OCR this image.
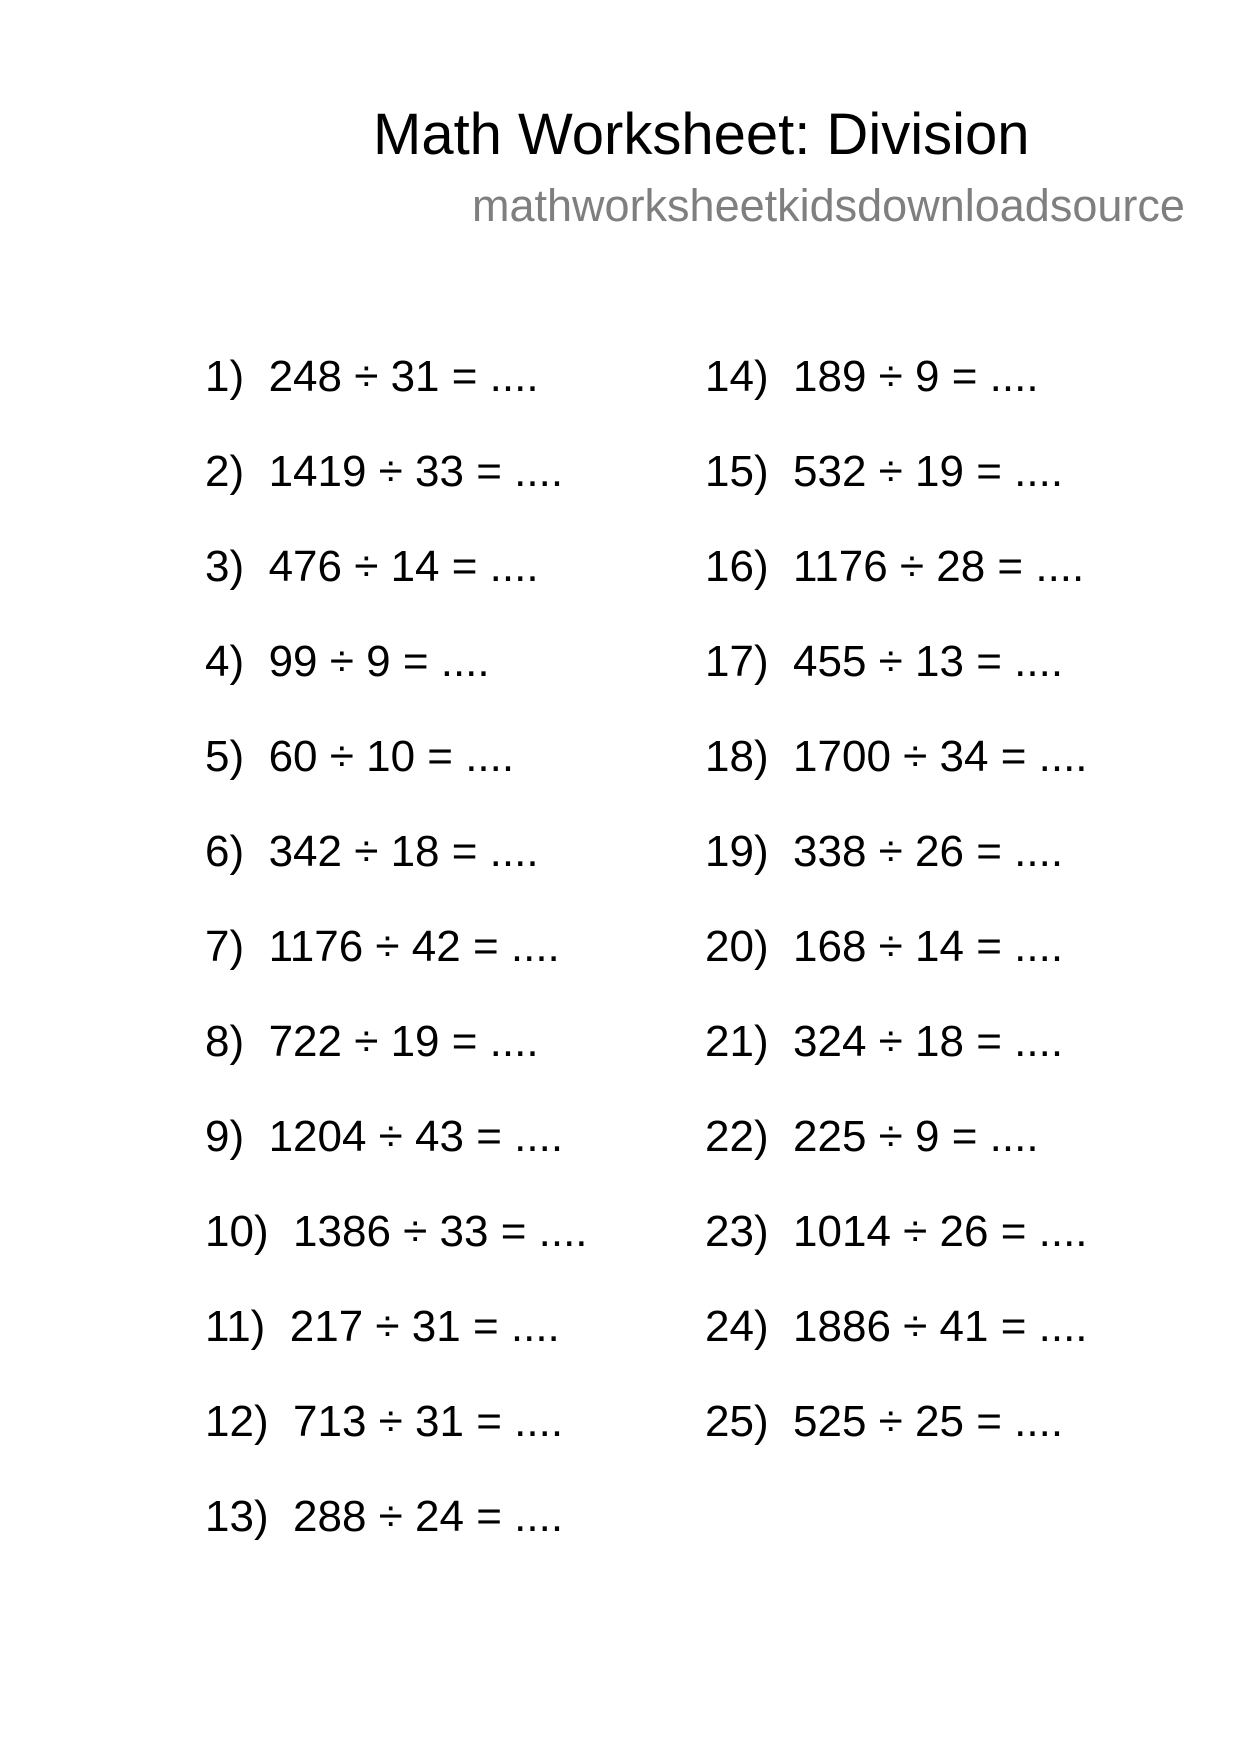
Math Worksheet: Division
mathworksheetkidsdownloadsource
1) 248 ÷ 31 = ....
2) 1419 ÷ 33 = ....
3) 476 ÷ 14 = ....
4) 99 ÷ 9 = ....
5) 60 ÷ 10 = ....
6) 342 ÷ 18 = ....
7) 1176 ÷ 42 = ....
8) 722 ÷ 19 = ....
9) 1204 ÷ 43 = ....
10) 1386 ÷ 33 = ....
11) 217 ÷ 31 = ....
12) 713 ÷ 31 = ....
13) 288 ÷ 24 = ....
14) 189 ÷ 9 = ....
15) 532 ÷ 19 = ....
16) 1176 ÷ 28 = ....
17) 455 ÷ 13 = ....
18) 1700 ÷ 34 = ....
19) 338 ÷ 26 = ....
20) 168 ÷ 14 = ....
21) 324 ÷ 18 = ....
22) 225 ÷ 9 = ....
23) 1014 ÷ 26 = ....
24) 1886 ÷ 41 = ....
25) 525 ÷ 25 = ....
